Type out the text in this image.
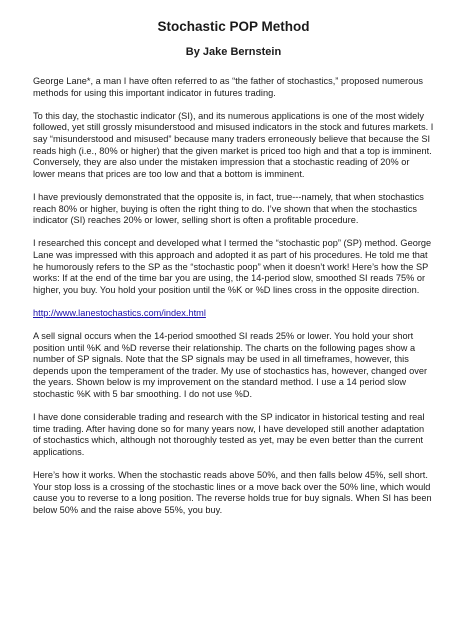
Stochastic POP Method
By Jake Bernstein

George Lane*, a man I have often referred to as “the father of stochastics,” proposed numerous methods for using this important indicator in futures trading.

To this day, the stochastic indicator (SI), and its numerous applications is one of the most widely followed, yet still grossly misunderstood and misused indicators in the stock and futures markets. I say “misunderstood and misused” because many traders erroneously believe that because the SI reads high (i.e., 80% or higher) that the given market is priced too high and that a top is imminent. Conversely, they are also under the mistaken impression that a stochastic reading of 20% or lower means that prices are too low and that a bottom is imminent.

I have previously demonstrated that the opposite is, in fact, true---namely, that when stochastics reach 80% or higher, buying is often the right thing to do. I’ve shown that when the stochastics indicator (SI) reaches 20% or lower, selling short is often a profitable procedure.

I researched this concept and developed what I termed the “stochastic pop” (SP) method. George Lane was impressed with this approach and adopted it as part of his procedures. He told me that he humorously refers to the SP as the “stochastic poop” when it doesn’t work! Here’s how the SP works: If at the end of the time bar you are using, the 14-period slow, smoothed SI reads 75% or higher, you buy. You hold your position until the %K or %D lines cross in the opposite direction.

http://www.lanestochastics.com/index.html

A sell signal occurs when the 14-period smoothed SI reads 25% or lower. You hold your short position until %K and %D reverse their relationship. The charts on the following pages show a number of SP signals. Note that the SP signals may be used in all timeframes, however, this depends upon the temperament of the trader. My use of stochastics has, however, changed over the years. Shown below is my improvement on the standard method. I use a 14 period slow stochastic %K with 5 bar smoothing. I do not use %D.

I have done considerable trading and research with the SP indicator in historical testing and real time trading. After having done so for many years now, I have developed still another adaptation of stochastics which, although not thoroughly tested as yet, may be even better than the current applications.

Here’s how it works. When the stochastic reads above 50%, and then falls below 45%, sell short. Your stop loss is a crossing of the stochastic lines or a move back over the 50% line, which would cause you to reverse to a long position. The reverse holds true for buy signals. When SI has been below 50% and the raise above 55%, you buy.
